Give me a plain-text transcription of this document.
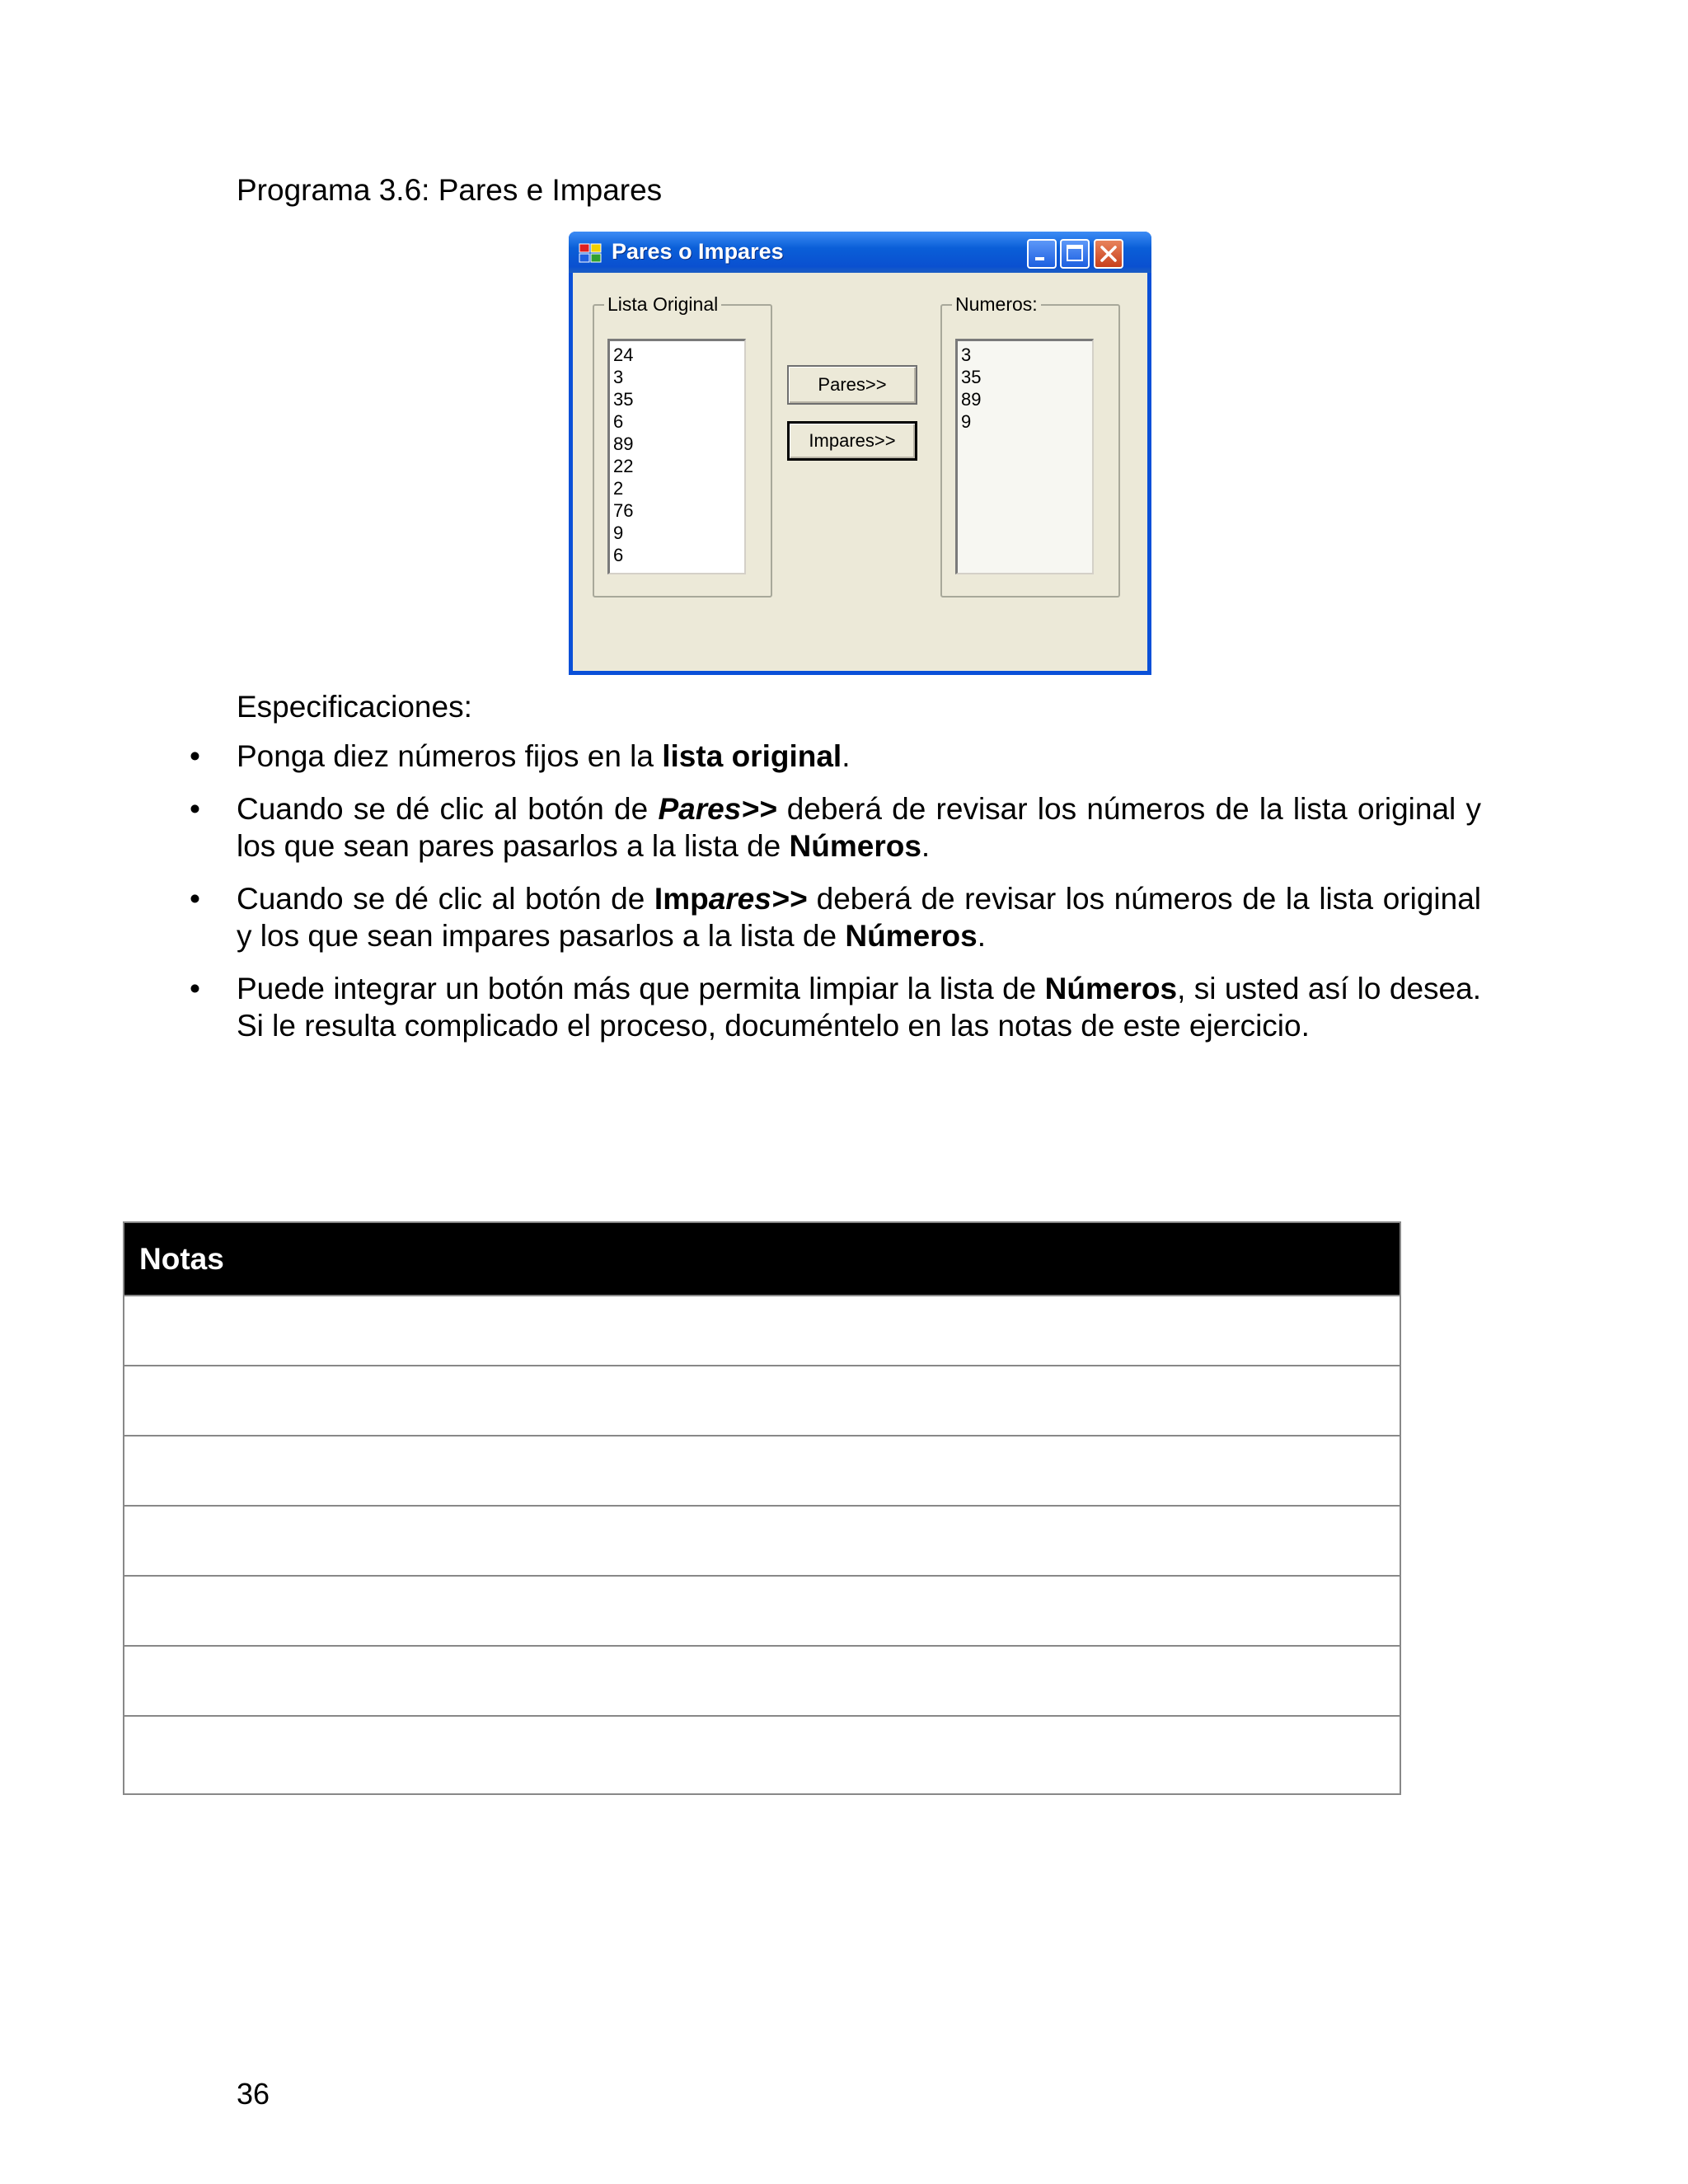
Programa 3.6: Pares e Impares
Pares o Impares
Lista Original
24
3
35
6
89
22
2
76
9
6
Pares>>
Impares>>
Numeros:
3
35
89
9
Especificaciones:
• Ponga diez números fijos en la lista original.
• Cuando se dé clic al botón de Pares>> deberá de revisar los números de la lista original y los que sean pares pasarlos a la lista de Números.
• Cuando se dé clic al botón de Impares>> deberá de revisar los números de la lista original y los que sean impares pasarlos a la lista de Números.
• Puede integrar un botón más que permita limpiar la lista de Números, si usted así lo desea. Si le resulta complicado el proceso, documéntelo en las notas de este ejercicio.
Notas
36
